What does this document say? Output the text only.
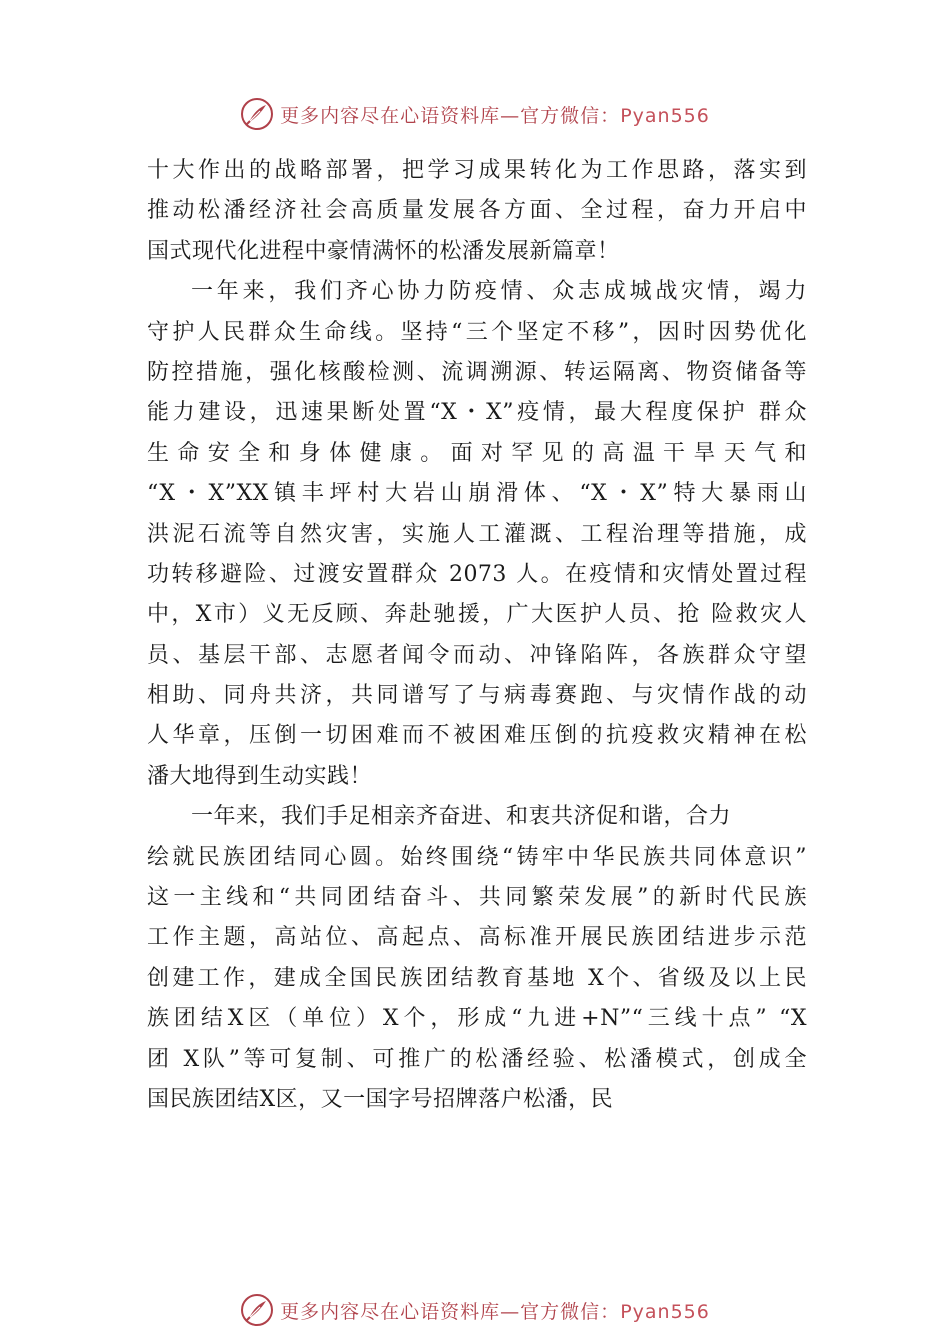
更多内容尽在心语资料库—官方微信：Pyan556
十大作出的战略部署，把学习成果转化为工作思路，落实到
推动松潘经济社会高质量发展各方面、全过程，奋力开启中
国式现代化进程中豪情满怀的松潘发展新篇章！
一年来，我们齐心协力防疫情、众志成城战灾情，竭力
守护人民群众生命线。坚持“三个坚定不移”，因时因势优化
防控措施，强化核酸检测、流调溯源、转运隔离、物资储备等
能力建设，迅速果断处置“X・X”疫情，最大程度保护 群众
生命安全和身体健康。面对罕见的高温干旱天气和
“X・X”XX镇丰坪村大岩山崩滑体、“X・X”特大暴雨山
洪泥石流等自然灾害，实施人工灌溉、工程治理等措施，成
功转移避险、过渡安置群众 2073 人。在疫情和灾情处置过程
中，X市）义无反顾、奔赴驰援，广大医护人员、抢 险救灾人
员、基层干部、志愿者闻令而动、冲锋陷阵，各族群众守望
相助、同舟共济，共同谱写了与病毒赛跑、与灾情作战的动
人华章，压倒一切困难而不被困难压倒的抗疫救灾精神在松
潘大地得到生动实践！
一年来，我们手足相亲齐奋进、和衷共济促和谐，合力
绘就民族团结同心圆。始终围绕“铸牢中华民族共同体意识”
这一主线和“共同团结奋斗、共同繁荣发展”的新时代民族
工作主题，高站位、高起点、高标准开展民族团结进步示范
创建工作，建成全国民族团结教育基地 X个、省级及以上民
族团结X区（单位）X个，形成“九进+N”“三线十点” “X
团 X队”等可复制、可推广的松潘经验、松潘模式，创成全
国民族团结X区，又一国字号招牌落户松潘，民
更多内容尽在心语资料库—官方微信：Pyan556
